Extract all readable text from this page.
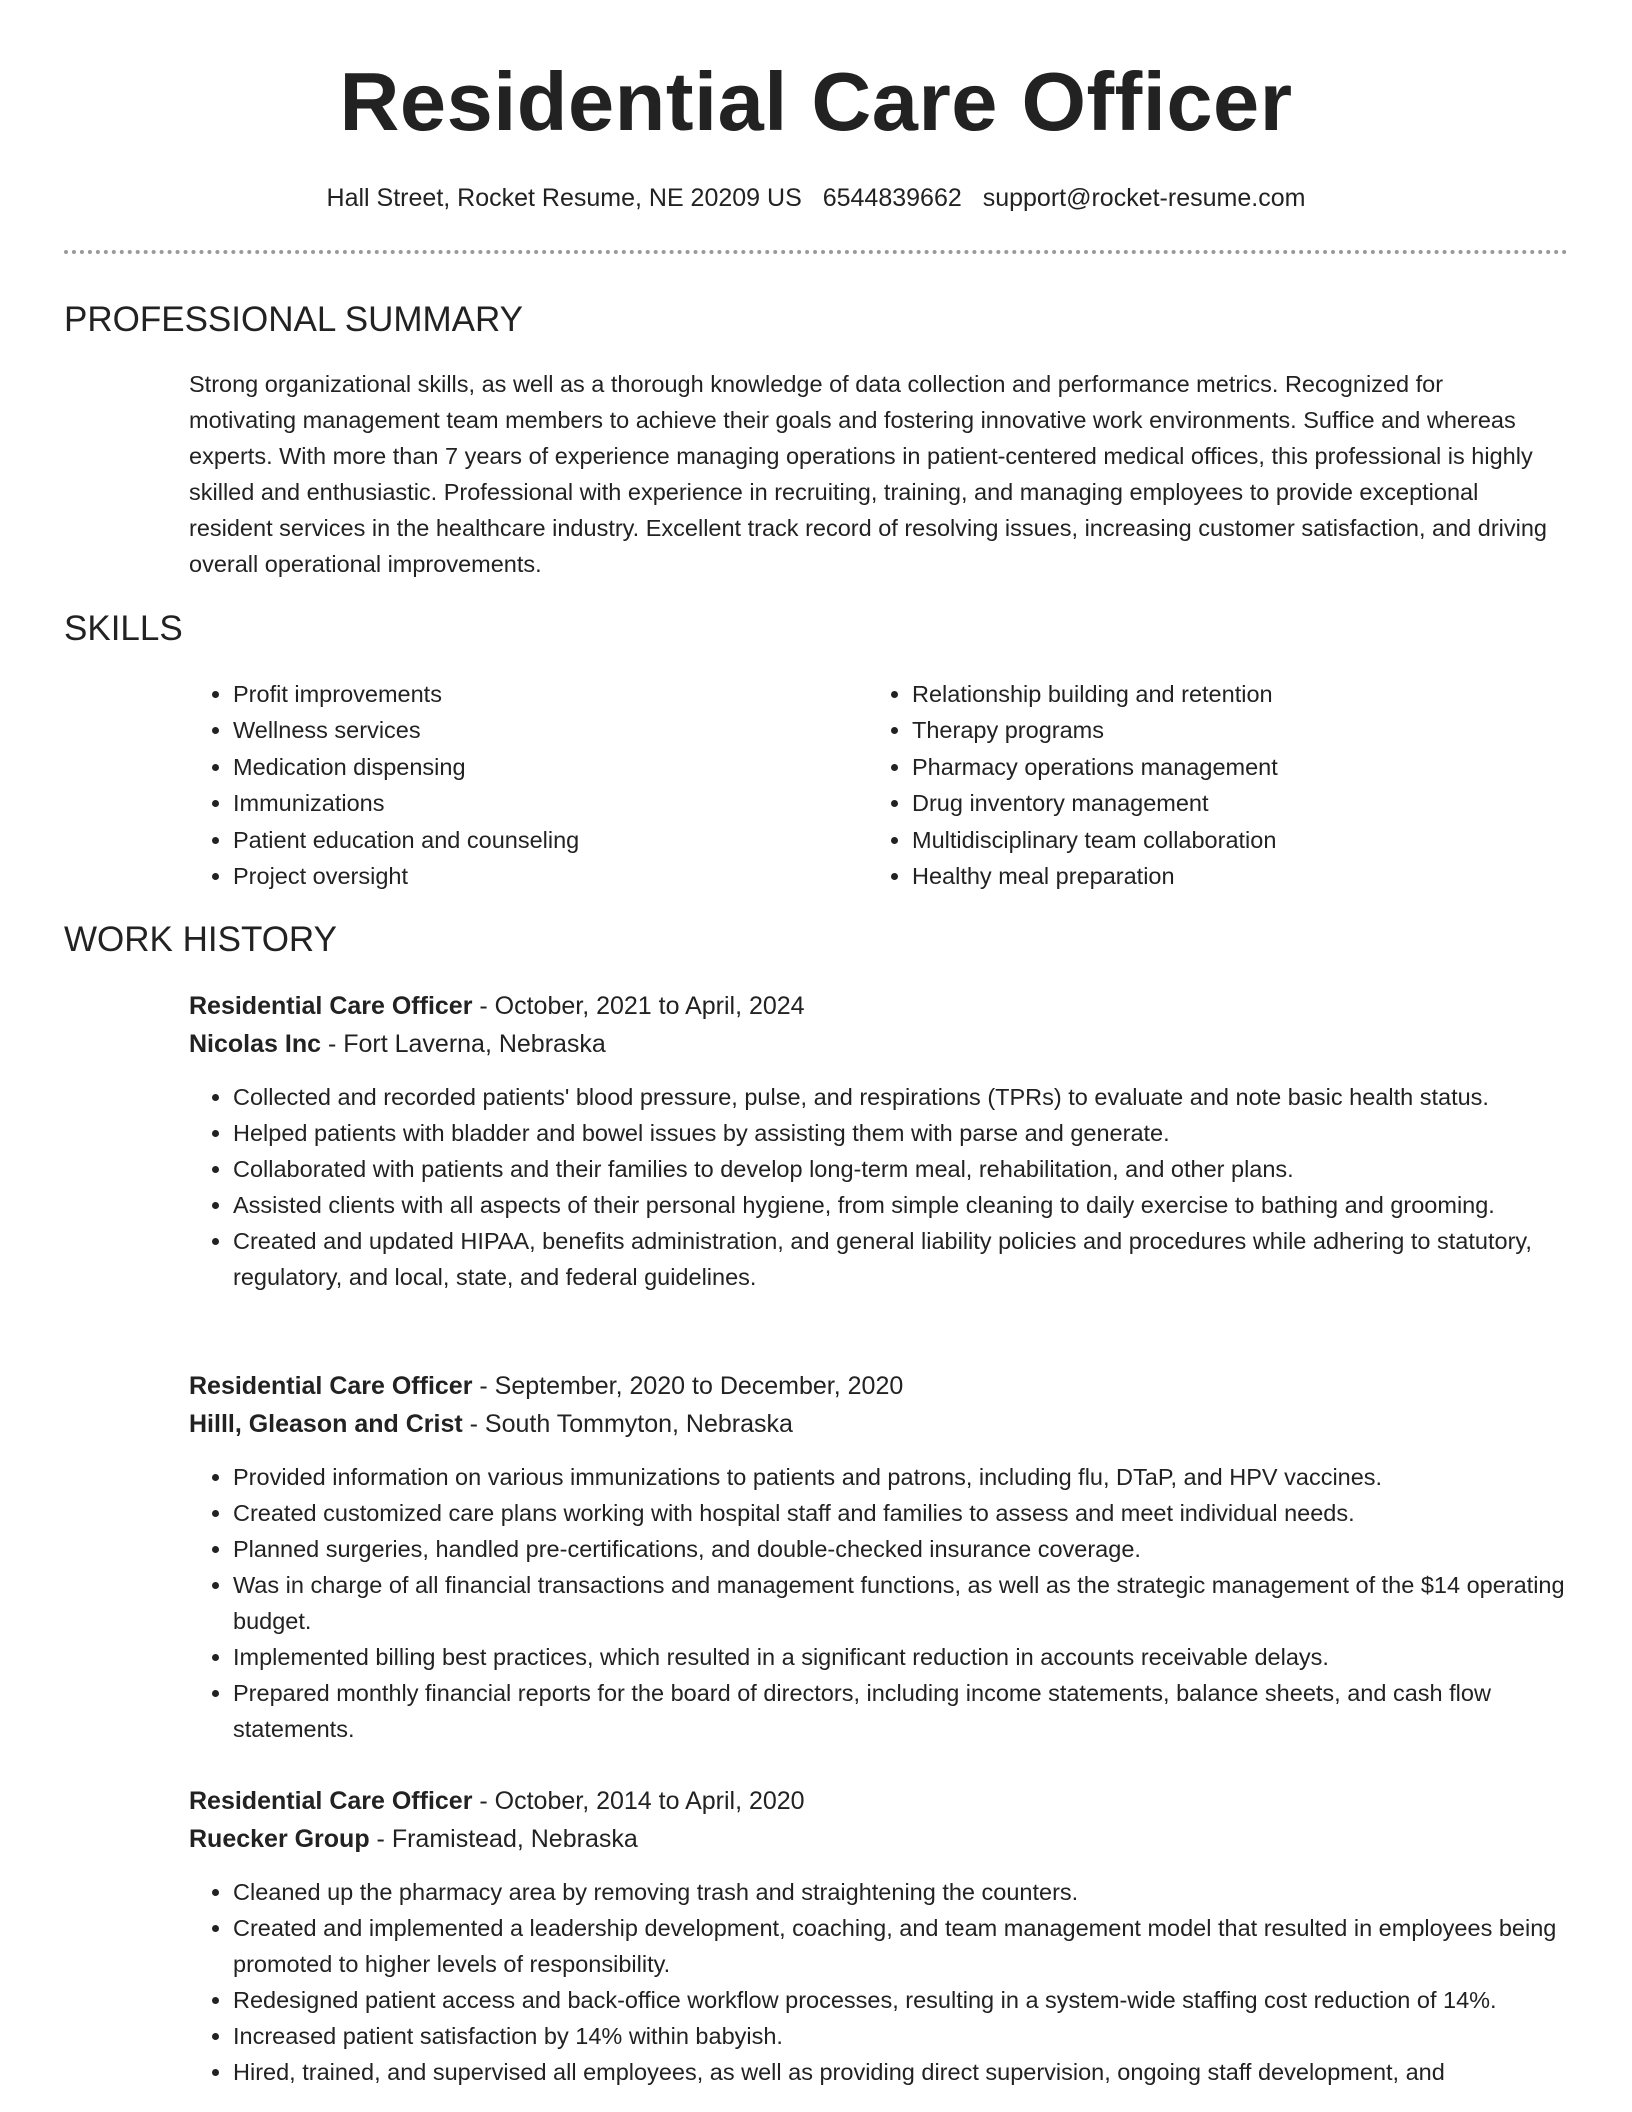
Residential Care Officer
Hall Street, Rocket Resume, NE 20209 US 6544839662 support@rocket-resume.com
PROFESSIONAL SUMMARY

Strong organizational skills, as well as a thorough knowledge of data collection and performance metrics. Recognized for motivating management team members to achieve their goals and fostering innovative work environments. Suffice and whereas experts. With more than 7 years of experience managing operations in patient-centered medical offices, this professional is highly skilled and enthusiastic. Professional with experience in recruiting, training, and managing employees to provide exceptional resident services in the healthcare industry. Excellent track record of resolving issues, increasing customer satisfaction, and driving overall operational improvements.

SKILLS
• Profit improvements
• Wellness services
• Medication dispensing
• Immunizations
• Patient education and counseling
• Project oversight
• Relationship building and retention
• Therapy programs
• Pharmacy operations management
• Drug inventory management
• Multidisciplinary team collaboration
• Healthy meal preparation
WORK HISTORY

Residential Care Officer - October, 2021 to April, 2024

Nicolas Inc - Fort Laverna, Nebraska

• Collected and recorded patients' blood pressure, pulse, and respirations (TPRs) to evaluate and note basic health status.
• Helped patients with bladder and bowel issues by assisting them with parse and generate.
• Collaborated with patients and their families to develop long-term meal, rehabilitation, and other plans.
• Assisted clients with all aspects of their personal hygiene, from simple cleaning to daily exercise to bathing and grooming.
• Created and updated HIPAA, benefits administration, and general liability policies and procedures while adhering to statutory, regulatory, and local, state, and federal guidelines.

Residential Care Officer - September, 2020 to December, 2020

Hilll, Gleason and Crist - South Tommyton, Nebraska

• Provided information on various immunizations to patients and patrons, including flu, DTaP, and HPV vaccines.
• Created customized care plans working with hospital staff and families to assess and meet individual needs.
• Planned surgeries, handled pre-certifications, and double-checked insurance coverage.
• Was in charge of all financial transactions and management functions, as well as the strategic management of the $14 operating budget.
• Implemented billing best practices, which resulted in a significant reduction in accounts receivable delays.
• Prepared monthly financial reports for the board of directors, including income statements, balance sheets, and cash flow statements.

Residential Care Officer - October, 2014 to April, 2020

Ruecker Group - Framistead, Nebraska

• Cleaned up the pharmacy area by removing trash and straightening the counters.
• Created and implemented a leadership development, coaching, and team management model that resulted in employees being promoted to higher levels of responsibility.
• Redesigned patient access and back-office workflow processes, resulting in a system-wide staffing cost reduction of 14%.
• Increased patient satisfaction by 14% within babyish.
• Hired, trained, and supervised all employees, as well as providing direct supervision, ongoing staff development, and
